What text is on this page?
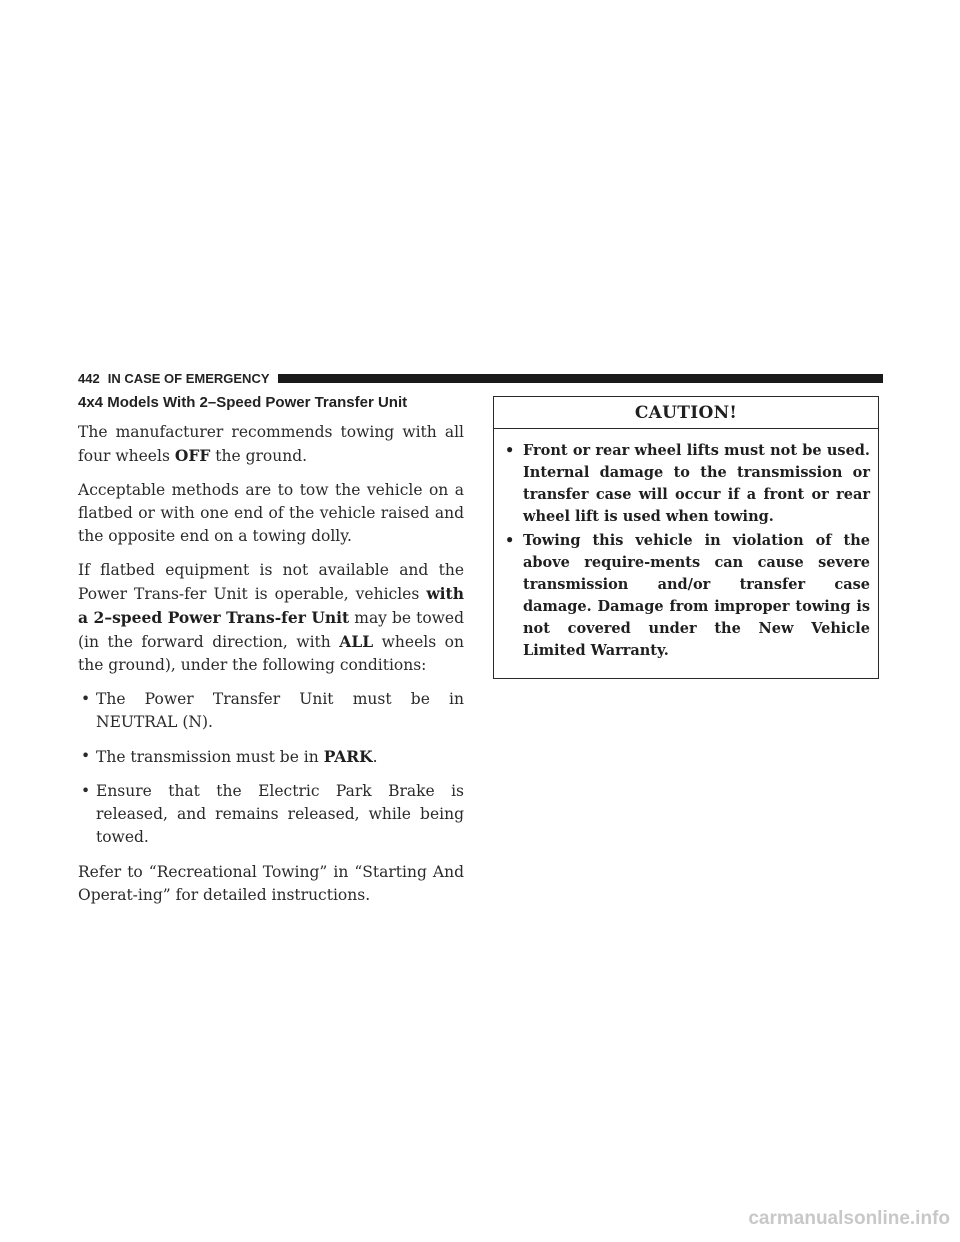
442 IN CASE OF EMERGENCY
4x4 Models With 2–Speed Power Transfer Unit

The manufacturer recommends towing with all four wheels OFF the ground.

Acceptable methods are to tow the vehicle on a flatbed or with one end of the vehicle raised and the opposite end on a towing dolly.

If flatbed equipment is not available and the Power Trans-fer Unit is operable, vehicles with a 2–speed Power Trans-fer Unit may be towed (in the forward direction, with ALL wheels on the ground), under the following conditions:

• The Power Transfer Unit must be in NEUTRAL (N).
• The transmission must be in PARK.
• Ensure that the Electric Park Brake is released, and remains released, while being towed.

Refer to “Recreational Towing” in “Starting And Operat-ing” for detailed instructions.

CAUTION!
• Front or rear wheel lifts must not be used. Internal damage to the transmission or transfer case will occur if a front or rear wheel lift is used when towing.
• Towing this vehicle in violation of the above require-ments can cause severe transmission and/or transfer case damage. Damage from improper towing is not covered under the New Vehicle Limited Warranty.
carmanualsonline.info
